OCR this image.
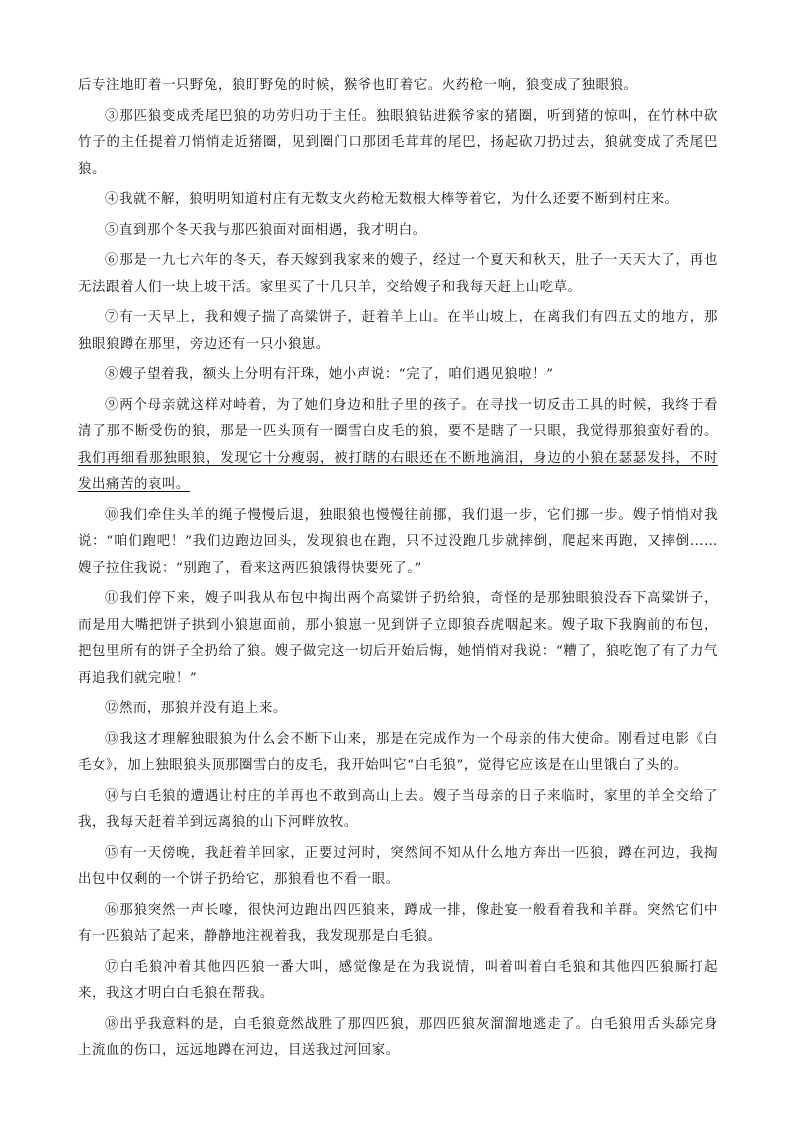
后专注地盯着一只野兔，狼盯野兔的时候，猴爷也盯着它。火药枪一响，狼变成了独眼狼。

③那匹狼变成秃尾巴狼的功劳归功于主任。独眼狼钻进猴爷家的猪圈，听到猪的惊叫，在竹林中砍竹子的主任提着刀悄悄走近猪圈，见到圈门口那团毛茸茸的尾巴，扬起砍刀扔过去，狼就变成了秃尾巴狼。

④我就不解，狼明明知道村庄有无数支火药枪无数根大棒等着它，为什么还要不断到村庄来。

⑤直到那个冬天我与那匹狼面对面相遇，我才明白。

⑥那是一九七六年的冬天，春天嫁到我家来的嫂子，经过一个夏天和秋天，肚子一天天大了，再也无法跟着人们一块上坡干活。家里买了十几只羊，交给嫂子和我每天赶上山吃草。

⑦有一天早上，我和嫂子揣了高粱饼子，赶着羊上山。在半山坡上，在离我们有四五丈的地方，那独眼狼蹲在那里，旁边还有一只小狼崽。

⑧嫂子望着我，额头上分明有汗珠，她小声说：“完了，咱们遇见狼啦！”

⑨两个母亲就这样对峙着，为了她们身边和肚子里的孩子。在寻找一切反击工具的时候，我终于看清了那不断受伤的狼，那是一匹头顶有一圈雪白皮毛的狼，要不是瞎了一只眼，我觉得那狼蛮好看的。我们再细看那独眼狼，发现它十分瘦弱，被打瞎的右眼还在不断地滴泪，身边的小狼在瑟瑟发抖，不时发出痛苦的哀叫。

⑩我们牵住头羊的绳子慢慢后退，独眼狼也慢慢往前挪，我们退一步，它们挪一步。嫂子悄悄对我说：“咱们跑吧！”我们边跑边回头，发现狼也在跑，只不过没跑几步就摔倒，爬起来再跑，又摔倒……嫂子拉住我说：“别跑了，看来这两匹狼饿得快要死了。”

⑪我们停下来，嫂子叫我从布包中掏出两个高粱饼子扔给狼，奇怪的是那独眼狼没吞下高粱饼子，而是用大嘴把饼子拱到小狼崽面前，那小狼崽一见到饼子立即狼吞虎咽起来。嫂子取下我胸前的布包，把包里所有的饼子全扔给了狼。嫂子做完这一切后开始后悔，她悄悄对我说：“糟了，狼吃饱了有了力气再追我们就完啦！”

⑫然而，那狼并没有追上来。

⑬我这才理解独眼狼为什么会不断下山来，那是在完成作为一个母亲的伟大使命。刚看过电影《白毛女》，加上独眼狼头顶那圈雪白的皮毛，我开始叫它“白毛狼”，觉得它应该是在山里饿白了头的。

⑭与白毛狼的遭遇让村庄的羊再也不敢到高山上去。嫂子当母亲的日子来临时，家里的羊全交给了我，我每天赶着羊到远离狼的山下河畔放牧。

⑮有一天傍晚，我赶着羊回家，正要过河时，突然间不知从什么地方奔出一匹狼，蹲在河边，我掏出包中仅剩的一个饼子扔给它，那狼看也不看一眼。

⑯那狼突然一声长嚎，很快河边跑出四匹狼来，蹲成一排，像赴宴一般看着我和羊群。突然它们中有一匹狼站了起来，静静地注视着我，我发现那是白毛狼。

⑰白毛狼冲着其他四匹狼一番大叫，感觉像是在为我说情，叫着叫着白毛狼和其他四匹狼厮打起来，我这才明白白毛狼在帮我。

⑱出乎我意料的是，白毛狼竟然战胜了那四匹狼，那四匹狼灰溜溜地逃走了。白毛狼用舌头舔完身上流血的伤口，远远地蹲在河边，目送我过河回家。
